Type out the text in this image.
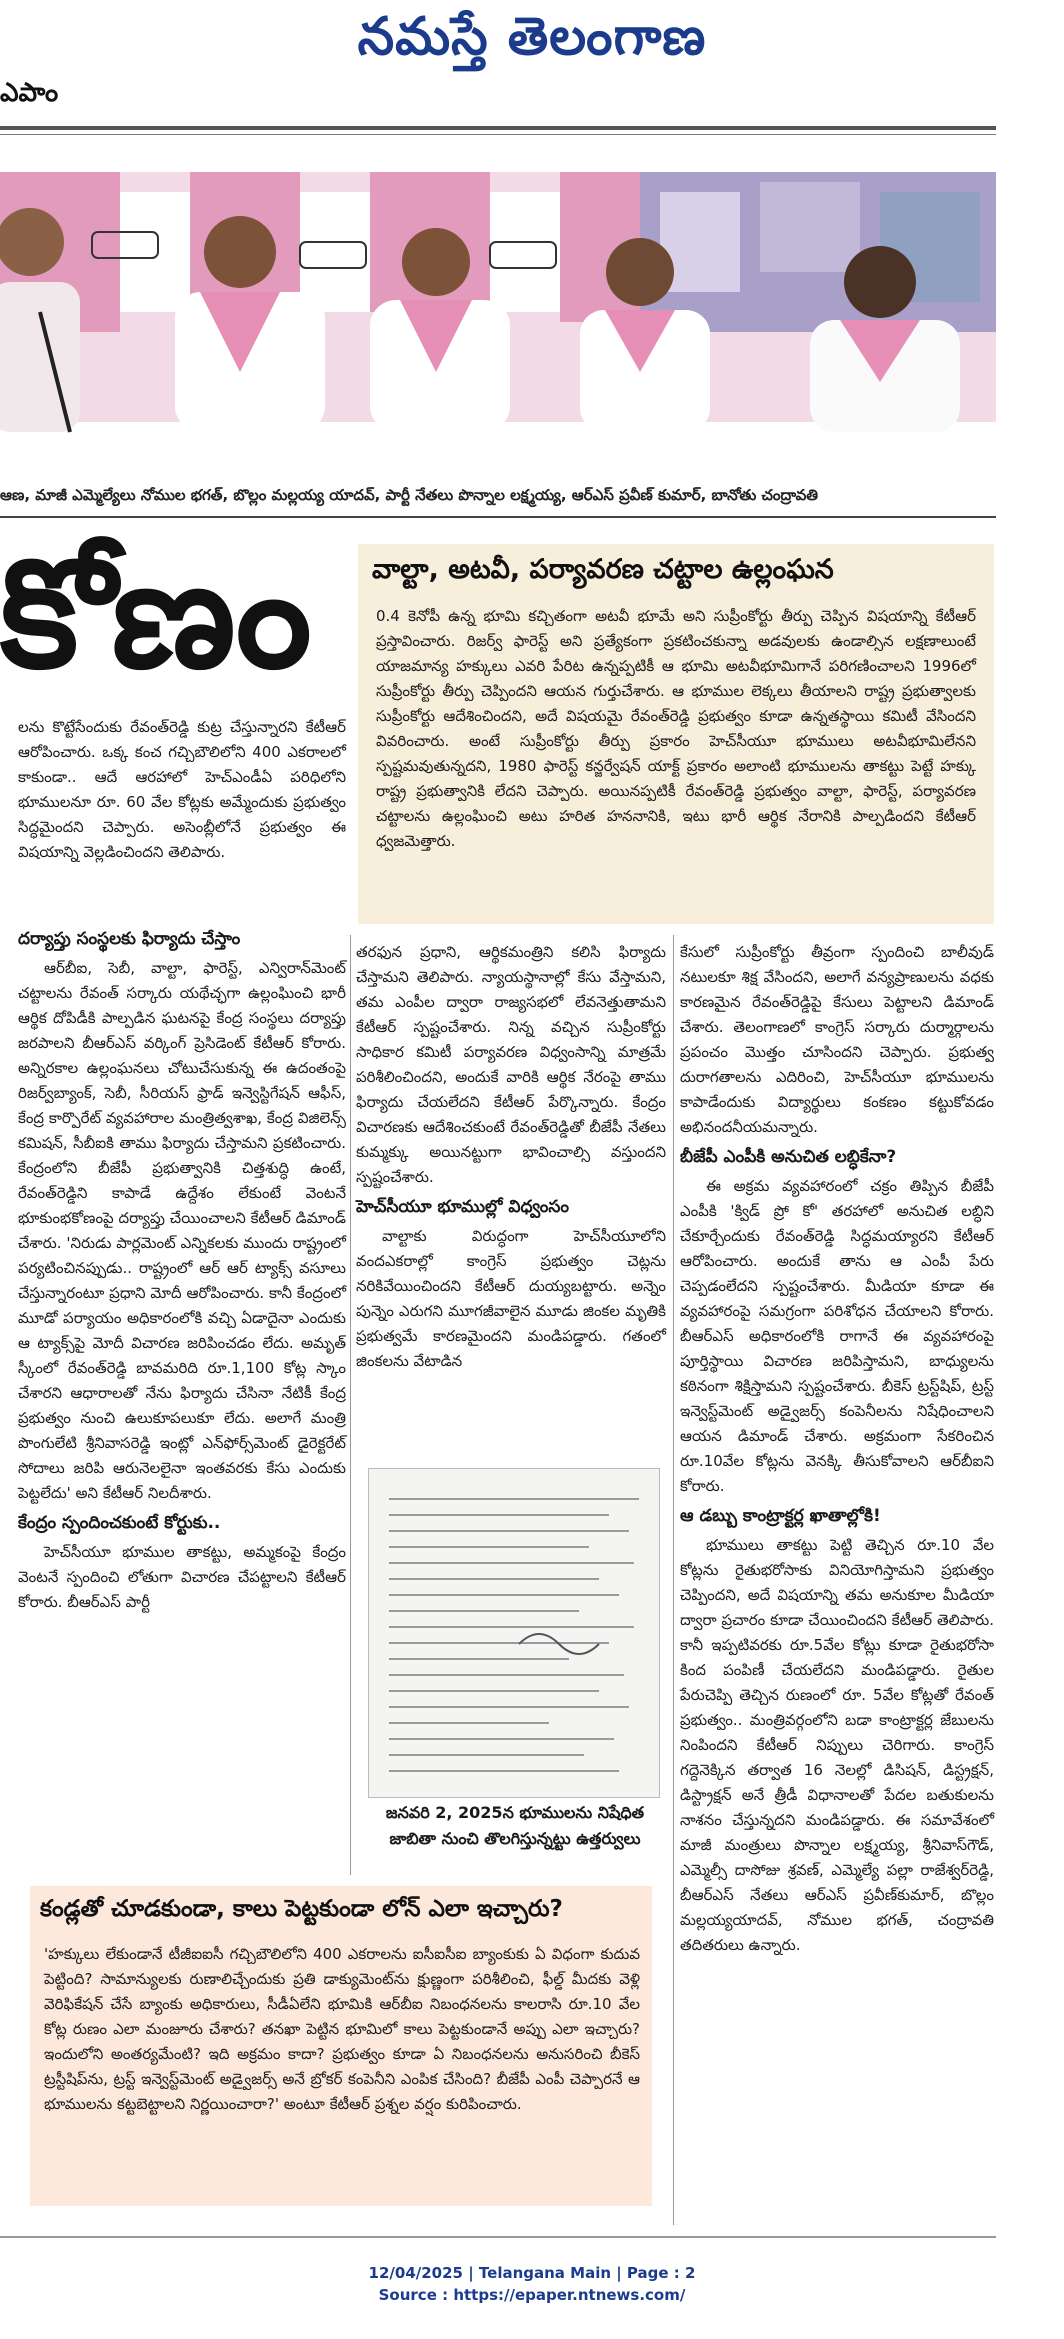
నమస్తే తెలంగాణ
ఎపాం
ఆణ, మాజీ ఎమ్మెల్యేలు నోముల భగత్, బొల్లం మల్లయ్య యాదవ్, పార్టీ నేతలు పొన్నాల లక్ష్మయ్య, ఆర్‌ఎస్ ప్రవీణ్ కుమార్, బానోతు చంద్రావతి
కోణం వాల్టా, అటవీ, పర్యావరణ చట్టాల ఉల్లంఘన
0.4 కెనోపీ ఉన్న భూమి కచ్చితంగా అటవీ భూమే అని సుప్రీంకోర్టు తీర్పు చెప్పిన విషయాన్ని కేటీఆర్ ప్రస్తావించారు. రిజర్వ్ ఫారెస్ట్ అని ప్రత్యేకంగా ప్రకటించకున్నా అడవులకు ఉండాల్సిన లక్షణాలుంటే యాజమాన్య హక్కులు ఎవరి పేరిట ఉన్నప్పటికీ ఆ భూమి అటవీభూమిగానే పరిగణించాలని 1996లో సుప్రీంకోర్టు తీర్పు చెప్పిందని ఆయన గుర్తుచేశారు. ఆ భూముల లెక్కలు తీయాలని రాష్ట్ర ప్రభుత్వాలకు సుప్రీంకోర్టు ఆదేశించిందని, అదే విషయమై రేవంత్‌రెడ్డి ప్రభుత్వం కూడా ఉన్నతస్థాయి కమిటీ వేసిందని వివరించారు. అంటే సుప్రీంకోర్టు తీర్పు ప్రకారం హెచ్‌సీయూ భూములు అటవీభూమిలేనని స్పష్టమవుతున్నదని, 1980 ఫారెస్ట్ కన్జర్వేషన్ యాక్ట్ ప్రకారం అలాంటి భూములను తాకట్టు పెట్టే హక్కు రాష్ట్ర ప్రభుత్వానికి లేదని చెప్పారు. అయినప్పటికీ రేవంత్‌రెడ్డి ప్రభుత్వం వాల్టా, ఫారెస్ట్, పర్యావరణ చట్టాలను ఉల్లంఘించి అటు హరిత హననానికి, ఇటు భారీ ఆర్థిక నేరానికి పాల్పడిందని కేటీఆర్ ధ్వజమెత్తారు.

లను కొట్టేసేందుకు రేవంత్‌రెడ్డి కుట్ర చేస్తున్నారని కేటీఆర్ ఆరోపించారు. ఒక్క కంచ గచ్చిబౌలిలోని 400 ఎకరాలలో కాకుండా.. ఆదే ఆరహాలో హెచ్‌ఎండీఏ పరిధిలోని భూములనూ రూ. 60 వేల కోట్లకు అమ్మేందుకు ప్రభుత్వం సిద్ధమైందని చెప్పారు. అసెంబ్లీలోనే ప్రభుత్వం ఈ విషయాన్ని వెల్లడించిందని తెలిపారు.

దర్యాప్తు సంస్థలకు ఫిర్యాదు చేస్తాం

ఆర్‌బీఐ, సెబీ, వాల్టా, ఫారెస్ట్, ఎన్విరాన్‌మెంట్ చట్టాలను రేవంత్ సర్కారు యథేచ్ఛగా ఉల్లంఘించి భారీ ఆర్థిక దోపిడీకి పాల్పడిన ఘటనపై కేంద్ర సంస్థలు దర్యాప్తు జరపాలని బీఆర్‌ఎస్ వర్కింగ్ ప్రెసిడెంట్ కేటీఆర్ కోరారు. అన్నిరకాల ఉల్లంఘనలు చోటుచేసుకున్న ఈ ఉదంతంపై రిజర్వ్‌బ్యాంక్, సెబీ, సీరియస్ ఫ్రాడ్ ఇన్వెస్టిగేషన్ ఆఫీస్, కేంద్ర కార్పొరేట్ వ్యవహారాల మంత్రిత్వశాఖ, కేంద్ర విజిలెన్స్ కమిషన్, సీబీఐకి తాము ఫిర్యాదు చేస్తామని ప్రకటించారు. కేంద్రంలోని బీజేపీ ప్రభుత్వానికి చిత్తశుద్ధి ఉంటే, రేవంత్‌రెడ్డిని కాపాడే ఉద్దేశం లేకుంటే వెంటనే భూకుంభకోణంపై దర్యాప్తు చేయించాలని కేటీఆర్ డిమాండ్ చేశారు. 'నిరుడు పార్లమెంట్ ఎన్నికలకు ముందు రాష్ట్రంలో పర్యటించినప్పుడు.. రాష్ట్రంలో ఆర్ ఆర్ ట్యాక్స్ వసూలు చేస్తున్నారంటూ ప్రధాని మోదీ ఆరోపించారు. కానీ కేంద్రంలో మూడో పర్యాయం అధికారంలోకి వచ్చి ఏడాదైనా ఎందుకు ఆ ట్యాక్స్‌పై మోదీ విచారణ జరిపించడం లేదు. అమృత్ స్కీంలో రేవంత్‌రెడ్డి బావమరిది రూ.1,100 కోట్ల స్కాం చేశారని ఆధారాలతో నేను ఫిర్యాదు చేసినా నేటికీ కేంద్ర ప్రభుత్వం నుంచి ఉలుకూపలుకూ లేదు. అలాగే మంత్రి పొంగులేటి శ్రీనివాసరెడ్డి ఇంట్లో ఎన్‌ఫోర్స్‌మెంట్ డైరెక్టరేట్ సోదాలు జరిపి ఆరునెలలైనా ఇంతవరకు కేసు ఎందుకు పెట్టలేదు' అని కేటీఆర్ నిలదీశారు.

కేంద్రం స్పందించకుంటే కోర్టుకు..

హెచ్‌సీయూ భూముల తాకట్టు, అమ్మకంపై కేంద్రం వెంటనే స్పందించి లోతుగా విచారణ చేపట్టాలని కేటీఆర్ కోరారు. బీఆర్‌ఎస్ పార్టీ

తరఫున ప్రధాని, ఆర్థికమంత్రిని కలిసి ఫిర్యాదు చేస్తామని తెలిపారు. న్యాయస్థానాల్లో కేసు వేస్తామని, తమ ఎంపీల ద్వారా రాజ్యసభలో లేవనెత్తుతామని కేటీఆర్ స్పష్టంచేశారు. నిన్న వచ్చిన సుప్రీంకోర్టు సాధికార కమిటీ పర్యావరణ విధ్వంసాన్ని మాత్రమే పరిశీలించిందని, అందుకే వారికి ఆర్థిక నేరంపై తాము ఫిర్యాదు చేయలేదని కేటీఆర్ పేర్కొన్నారు. కేంద్రం విచారణకు ఆదేశించకుంటే రేవంత్‌రెడ్డితో బీజేపీ నేతలు కుమ్మక్కు అయినట్టుగా భావించాల్సి వస్తుందని స్పష్టంచేశారు.

హెచ్‌సీయూ భూముల్లో విధ్వంసం

వాల్టాకు విరుద్ధంగా హెచ్‌సీయూలోని వందఎకరాల్లో కాంగ్రెస్ ప్రభుత్వం చెట్లను నరికివేయించిందని కేటీఆర్ దుయ్యబట్టారు. అన్నెం పున్నెం ఎరుగని మూగజీవాలైన మూడు జింకల మృతికి ప్రభుత్వమే కారణమైందని మండిపడ్డారు. గతంలో జింకలను వేటాడిన

జనవరి 2, 2025న భూములను నిషేధిత జాబితా నుంచి తొలగిస్తున్నట్టు ఉత్తర్వులు

కేసులో సుప్రీంకోర్టు తీవ్రంగా స్పందించి బాలీవుడ్ నటులకూ శిక్ష వేసిందని, అలాగే వన్యప్రాణులను వధకు కారణమైన రేవంత్‌రెడ్డిపై కేసులు పెట్టాలని డిమాండ్ చేశారు. తెలంగాణలో కాంగ్రెస్ సర్కారు దుర్మార్గాలను ప్రపంచం మొత్తం చూసిందని చెప్పారు. ప్రభుత్వ దురాగతాలను ఎదిరించి, హెచ్‌సీయూ భూములను కాపాడేందుకు విద్యార్థులు కంకణం కట్టుకోవడం అభినందనీయమన్నారు.

బీజేపీ ఎంపీకి అనుచిత లబ్ధికేనా?

ఈ అక్రమ వ్యవహారంలో చక్రం తిప్పిన బీజేపీ ఎంపీకి 'క్విడ్ ప్రో కో' తరహాలో అనుచిత లబ్ధిని చేకూర్చేందుకు రేవంత్‌రెడ్డి సిద్ధమయ్యారని కేటీఆర్ ఆరోపించారు. అందుకే తాను ఆ ఎంపీ పేరు చెప్పడంలేదని స్పష్టంచేశారు. మీడియా కూడా ఈ వ్యవహారంపై సమగ్రంగా పరిశోధన చేయాలని కోరారు. బీఆర్‌ఎస్ అధికారంలోకి రాగానే ఈ వ్యవహారంపై పూర్తిస్థాయి విచారణ జరిపిస్తామని, బాధ్యులను కఠినంగా శిక్షిస్తామని స్పష్టంచేశారు. బీకెస్ ట్రస్ట్‌షిప్, ట్రస్ట్ ఇన్వెస్ట్‌మెంట్ అడ్వైజర్స్ కంపెనీలను నిషేధించాలని ఆయన డిమాండ్ చేశారు. అక్రమంగా సేకరించిన రూ.10వేల కోట్లను వెనక్కి తీసుకోవాలని ఆర్‌బీఐని కోరారు.

ఆ డబ్బు కాంట్రాక్టర్ల ఖాతాల్లోకి!

భూములు తాకట్టు పెట్టి తెచ్చిన రూ.10 వేల కోట్లను రైతుభరోసాకు వినియోగిస్తామని ప్రభుత్వం చెప్పిందని, అదే విషయాన్ని తమ అనుకూల మీడియా ద్వారా ప్రచారం కూడా చేయించిందని కేటీఆర్ తెలిపారు. కానీ ఇప్పటివరకు రూ.5వేల కోట్లు కూడా రైతుభరోసా కింద పంపిణీ చేయలేదని మండిపడ్డారు. రైతుల పేరుచెప్పి తెచ్చిన రుణంలో రూ. 5వేల కోట్లతో రేవంత్ ప్రభుత్వం.. మంత్రివర్గంలోని బడా కాంట్రాక్టర్ల జేబులను నింపిందని కేటీఆర్ నిప్పులు చెరిగారు. కాంగ్రెస్ గద్దెనెక్కిన తర్వాత 16 నెలల్లో డిసిషన్, డిస్ట్రక్షన్, డిస్ట్రాక్షన్ అనే త్రీడీ విధానాలతో పేదల బతుకులను నాశనం చేస్తున్నదని మండిపడ్డారు. ఈ సమావేశంలో మాజీ మంత్రులు పొన్నాల లక్ష్మయ్య, శ్రీనివాస్‌గౌడ్, ఎమ్మెల్సీ దాసోజు శ్రవణ్, ఎమ్మెల్యే పల్లా రాజేశ్వర్‌రెడ్డి, బీఆర్‌ఎస్ నేతలు ఆర్‌ఎస్ ప్రవీణ్‌కుమార్, బొల్లం మల్లయ్యయాదవ్, నోముల భగత్, చంద్రావతి తదితరులు ఉన్నారు.

కండ్లతో చూడకుండా, కాలు పెట్టకుండా లోన్ ఎలా ఇచ్చారు?
'హక్కులు లేకుండానే టీజీఐఐసీ గచ్చిబౌలిలోని 400 ఎకరాలను ఐసీఐసీఐ బ్యాంకుకు ఏ విధంగా కుదువ పెట్టింది? సామాన్యులకు రుణాలిచ్చేందుకు ప్రతి డాక్యుమెంట్‌ను క్షుణ్ణంగా పరిశీలించి, ఫీల్డ్ మీదకు వెళ్లి వెరిఫికేషన్ చేసే బ్యాంకు అధికారులు, సీడీఏలేని భూమికి ఆర్‌బీఐ నిబంధనలను కాలరాసి రూ.10 వేల కోట్ల రుణం ఎలా మంజూరు చేశారు? తనఖా పెట్టిన భూమిలో కాలు పెట్టకుండానే అప్పు ఎలా ఇచ్చారు? ఇందులోని అంతర్యమేంటి? ఇది అక్రమం కాదా? ప్రభుత్వం కూడా ఏ నిబంధనలను అనుసరించి బీకెస్ ట్రస్టీషిప్‌ను, ట్రస్ట్ ఇన్వెస్ట్‌మెంట్ అడ్వైజర్స్ అనే బ్రోకర్ కంపెనీని ఎంపిక చేసింది? బీజేపీ ఎంపీ చెప్పారనే ఆ భూములను కట్టబెట్టాలని నిర్ణయించారా?' అంటూ కేటీఆర్ ప్రశ్నల వర్షం కురిపించారు.
12/04/2025 | Telangana Main | Page : 2
Source : https://epaper.ntnews.com/
